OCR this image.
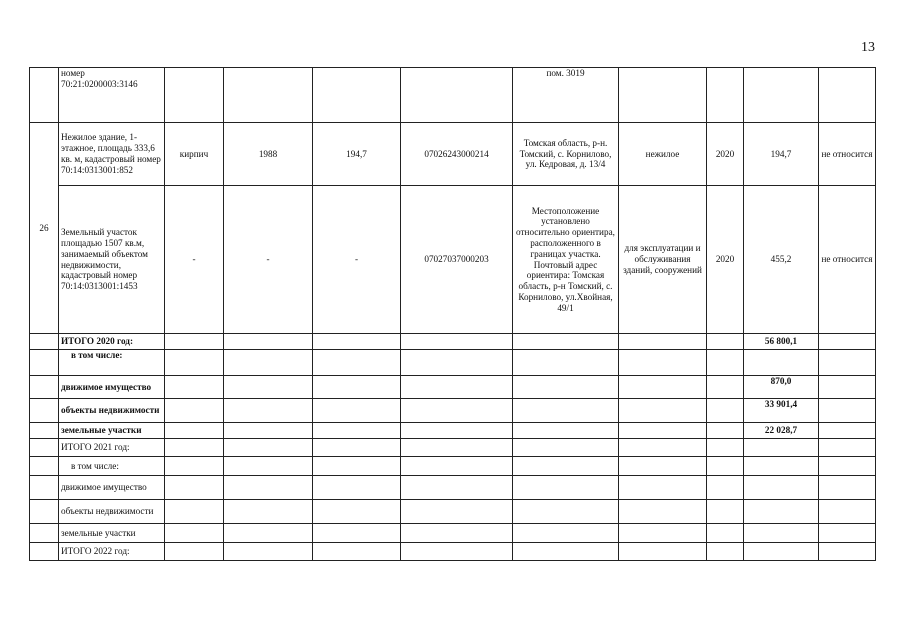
13
	номер 70:21:0200003:3146					пом. 3019				
26	Нежилое здание, 1-этажное, площадь 333,6 кв. м, кадастровый номер 70:14:0313001:852	кирпич	1988	194,7	07026243000214	Томская область, р-н. Томский, с. Корнилово, ул. Кедровая, д. 13/4	нежилое	2020	194,7	не относится
	Земельный участок площадью 1507 кв.м, занимаемый объектом недвижимости, кадастровый номер 70:14:0313001:1453	-	-	-	07027037000203	Местоположение установлено относительно ориентира, расположенного в границах участка. Почтовый адрес ориентира: Томская область, р-н Томский, с. Корнилово, ул.Хвойная, 49/1	для эксплуатации и обслуживания зданий, сооружений	2020	455,2	не относится
	ИТОГО 2020 год:								56 800,1	
	в том числе:									
	движимое имущество								870,0	
	объекты недвижимости								33 901,4	
	земельные участки								22 028,7	
	ИТОГО 2021 год:									
	в том числе:									
	движимое имущество									
	объекты недвижимости									
	земельные участки									
	ИТОГО 2022 год:									
